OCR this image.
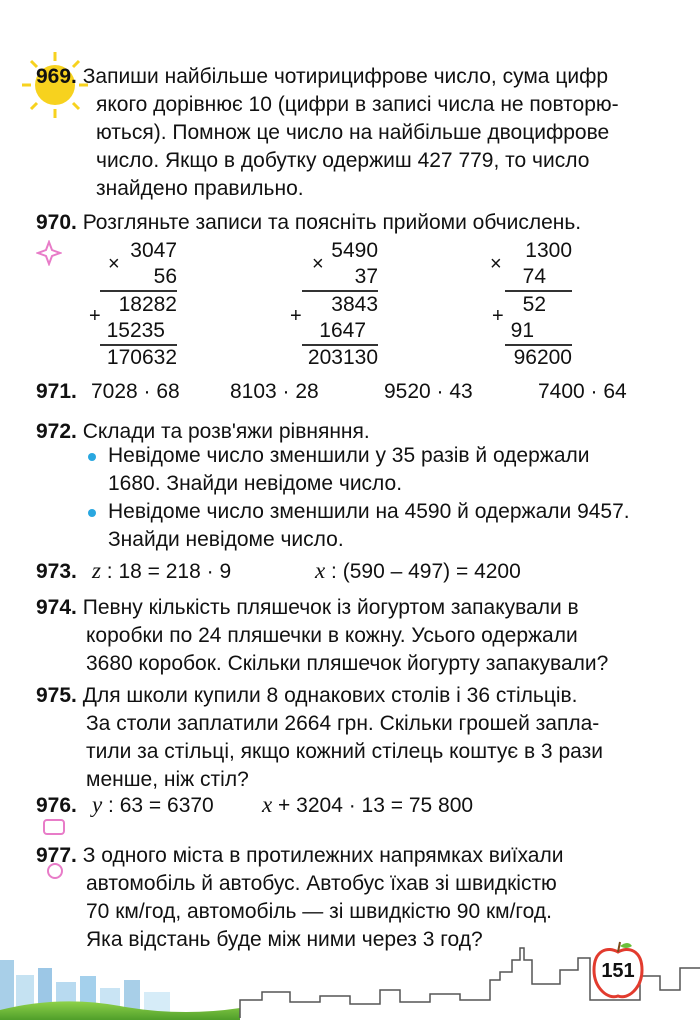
969. Запиши найбільше чотирицифрове число, сума цифр
якого дорівнює 10 (цифри в записі числа не повторю-
ються). Помнож це число на найбільше двоцифрове
число. Якщо в добутку одержиш 427 779, то число
знайдено правильно.
970. Розгляньте записи та поясніть прийоми обчислень.
×
3047
56
+ 18282
15235
170632
×
5490
37
+	3843
1647
203130
×
1300
74
+ 52
91
96200
971. 7028 · 68 8103 · 28	9520 · 43	7400 · 64
972. Склади та розв'яжи рівняння.
Невідоме число зменшили у 35 разів й одержали 1680. Знайди невідоме число.
Невідоме число зменшили на 4590 й одержали 9457. Знайди невідоме число.
973. z : 18 = 218 · 9	x : (590 – 497) = 4200
974. Певну кількість пляшечок із йогуртом запакували в
коробки по 24 пляшечки в кожну. Усього одержали
3680 коробок. Скільки пляшечок йогурту запакували?
975. Для школи купили 8 однакових столів і 36 стільців.
За столи заплатили 2664 грн. Скільки грошей запла-
тили за стільці, якщо кожний стілець коштує в 3 рази
менше, ніж стіл?
976. y : 63 = 6370 x + 3204 · 13 = 75 800
977. З одного міста в протилежних напрямках виїхали
автомобіль й автобус. Автобус їхав зі швидкістю
70 км/год, автомобіль — зі швидкістю 90 км/год.
Яка відстань буде між ними через 3 год?
151
